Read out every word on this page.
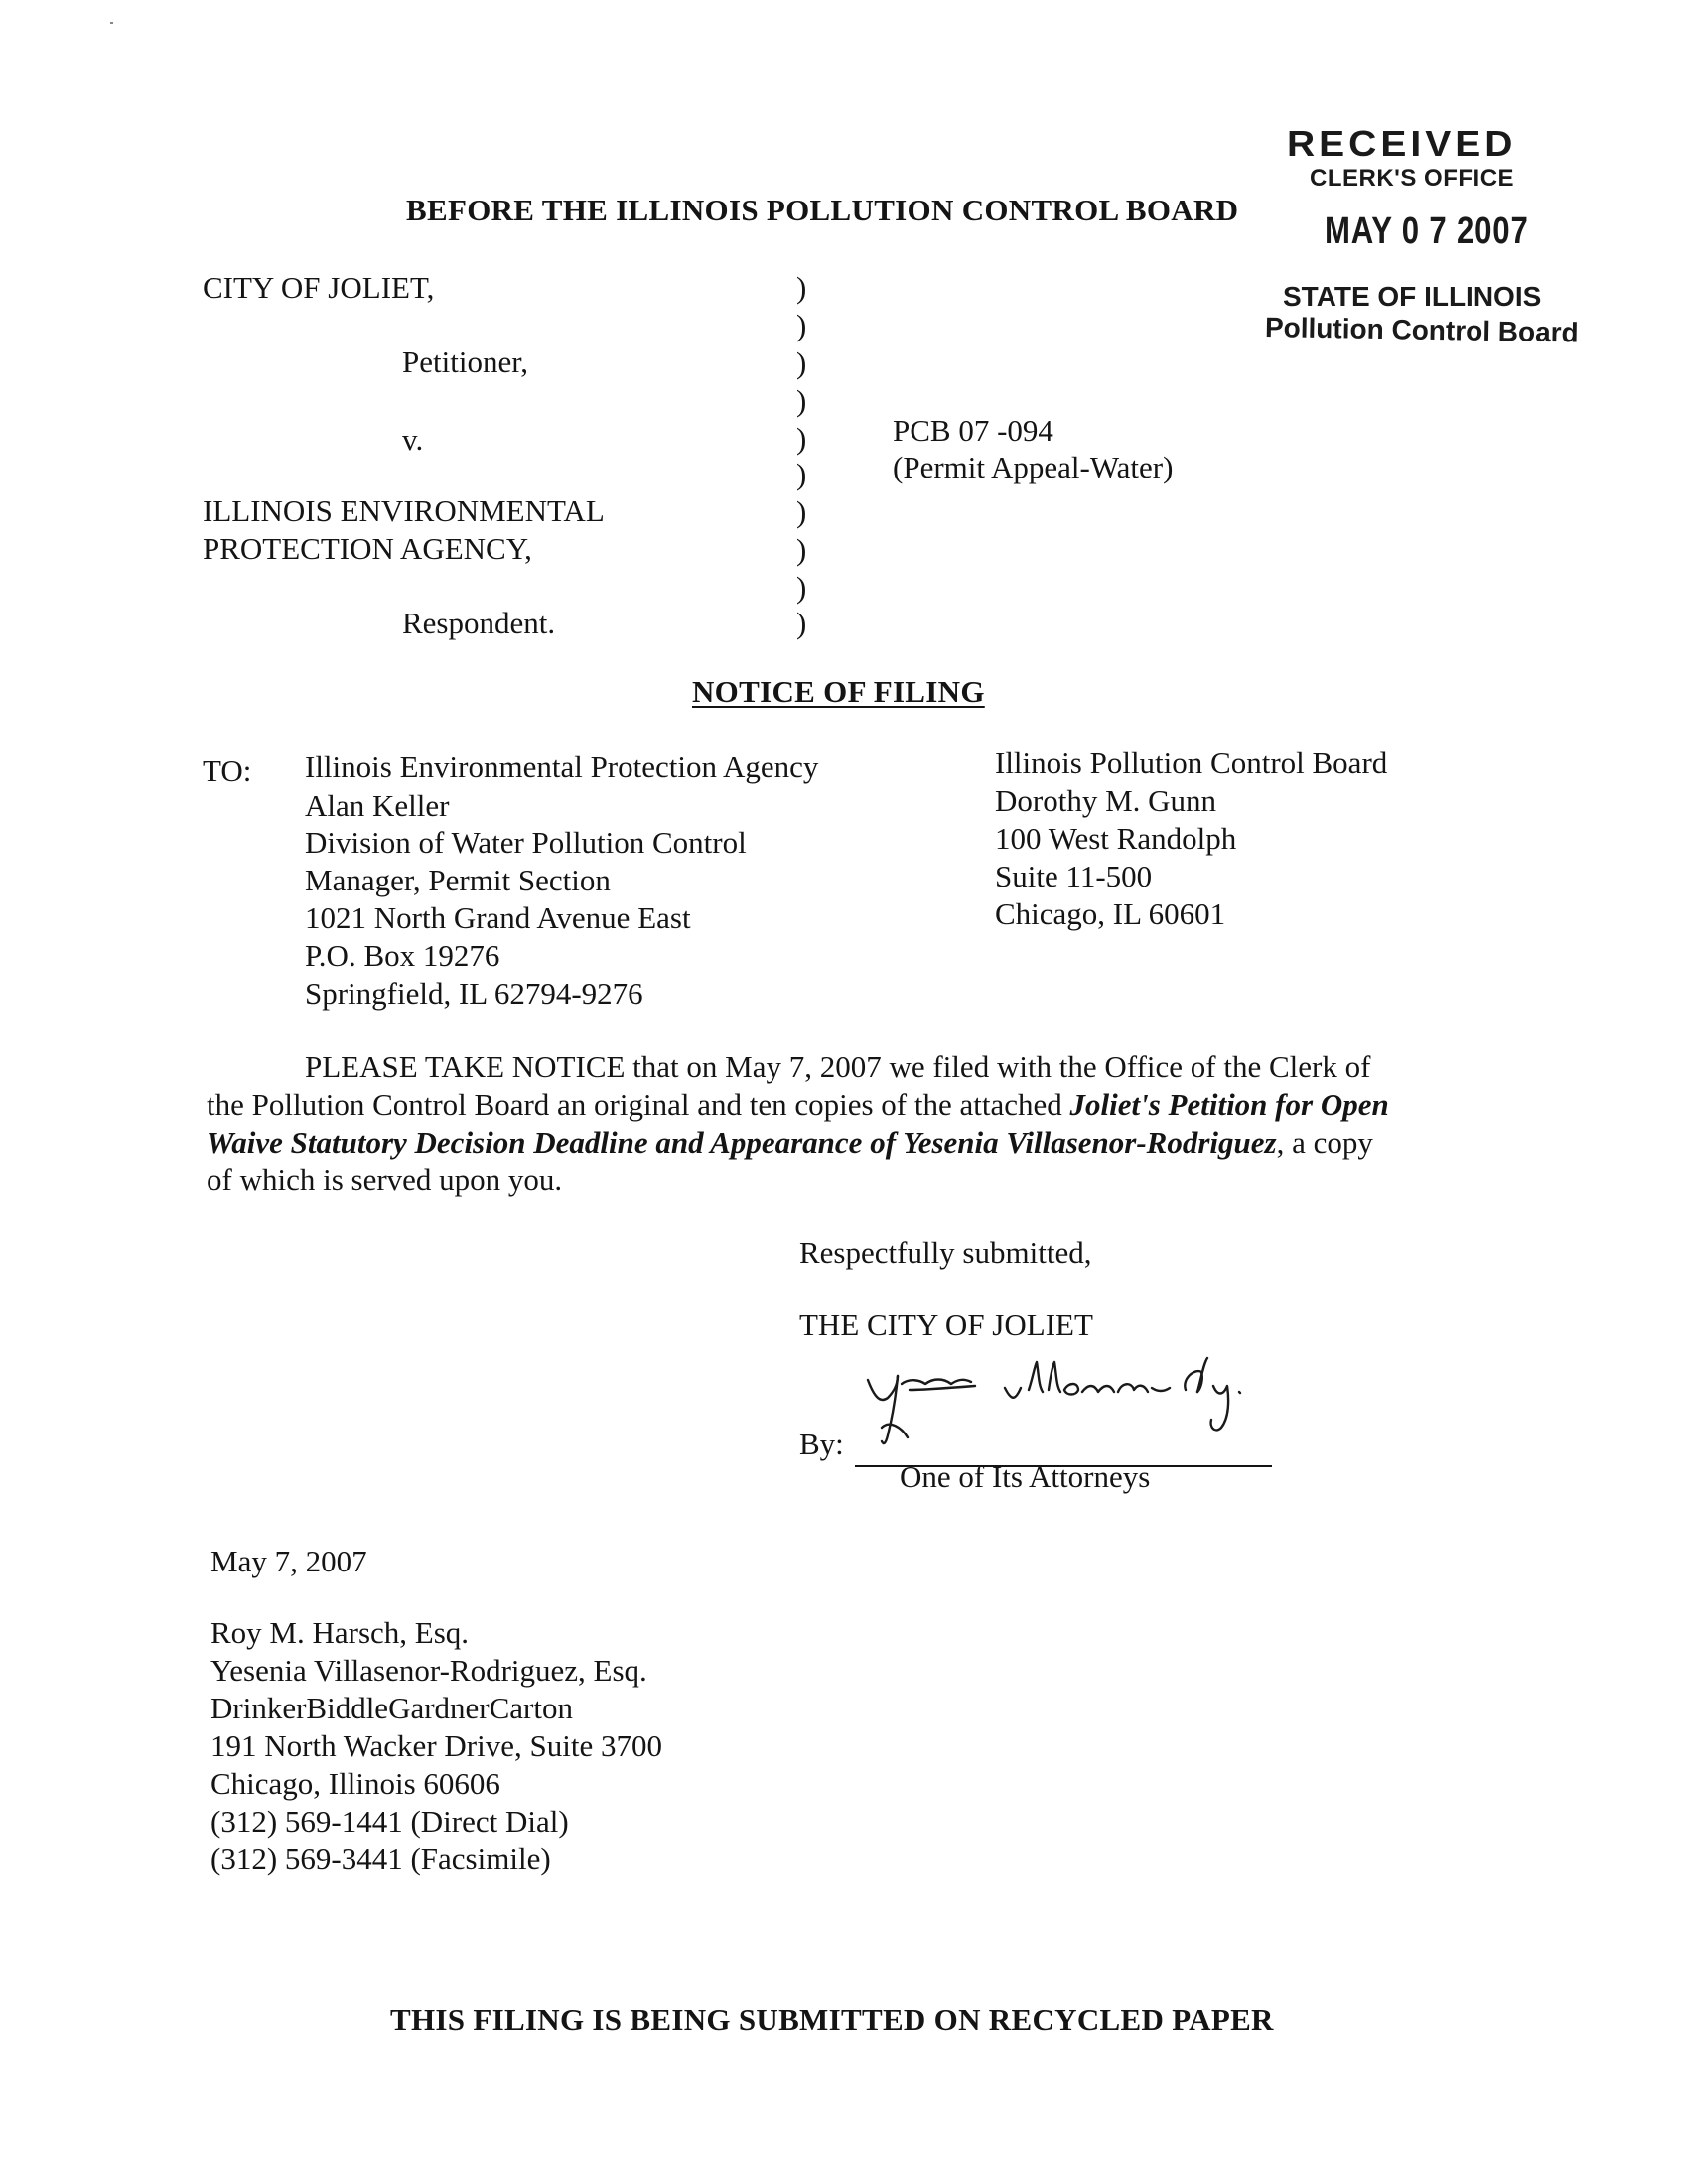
RECEIVED
CLERK'S OFFICE
MAY 0 7 2007
STATE OF ILLINOIS
Pollution Control Board
BEFORE THE ILLINOIS POLLUTION CONTROL BOARD
CITY OF JOLIET,
Petitioner,
v.
ILLINOIS ENVIRONMENTAL
PROTECTION AGENCY,
Respondent.
)
)
)
)
)
)
)
)
)
)
PCB 07 -094
(Permit Appeal-Water)
NOTICE OF FILING
TO: Illinois Environmental Protection Agency
Alan Keller
Division of Water Pollution Control
Manager, Permit Section
1021 North Grand Avenue East
P.O. Box 19276
Springfield, IL 62794-9276
Illinois Pollution Control Board
Dorothy M. Gunn
100 West Randolph
Suite 11-500
Chicago, IL 60601
PLEASE TAKE NOTICE that on May 7, 2007 we filed with the Office of the Clerk of
the Pollution Control Board an original and ten copies of the attached Joliet's Petition for Open
Waive Statutory Decision Deadline and Appearance of Yesenia Villasenor-Rodriguez, a copy
of which is served upon you.
Respectfully submitted,
THE CITY OF JOLIET
By:
One of Its Attorneys
May 7, 2007
Roy M. Harsch, Esq.
Yesenia Villasenor-Rodriguez, Esq.
DrinkerBiddleGardnerCarton
191 North Wacker Drive, Suite 3700
Chicago, Illinois 60606
(312) 569-1441 (Direct Dial)
(312) 569-3441 (Facsimile)
THIS FILING IS BEING SUBMITTED ON RECYCLED PAPER
